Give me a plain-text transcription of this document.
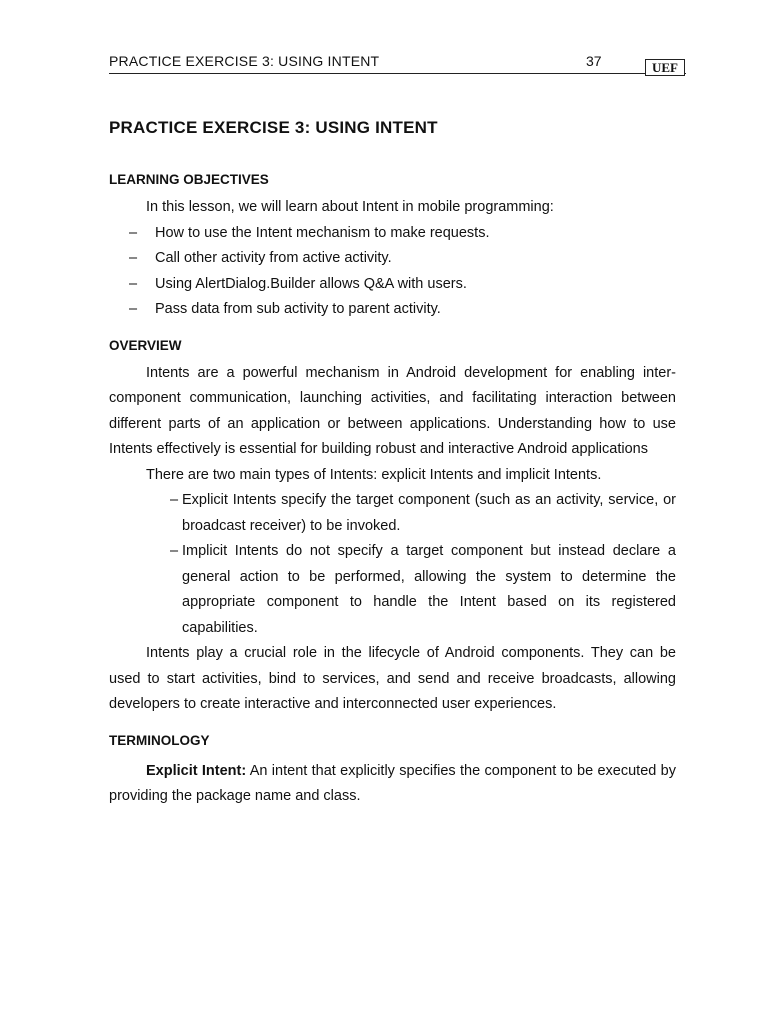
PRACTICE EXERCISE 3: USING INTENT	37	UEF
PRACTICE EXERCISE 3: USING INTENT
LEARNING OBJECTIVES

In this lesson, we will learn about Intent in mobile programming:

– How to use the Intent mechanism to make requests.
– Call other activity from active activity.
– Using AlertDialog.Builder allows Q&A with users.
– Pass data from sub activity to parent activity.
OVERVIEW

Intents are a powerful mechanism in Android development for enabling inter-component communication, launching activities, and facilitating interaction between different parts of an application or between applications. Understanding how to use Intents effectively is essential for building robust and interactive Android applications

There are two main types of Intents: explicit Intents and implicit Intents.

– Explicit Intents specify the target component (such as an activity, service, or broadcast receiver) to be invoked.
– Implicit Intents do not specify a target component but instead declare a general action to be performed, allowing the system to determine the appropriate component to handle the Intent based on its registered capabilities.

Intents play a crucial role in the lifecycle of Android components. They can be used to start activities, bind to services, and send and receive broadcasts, allowing developers to create interactive and interconnected user experiences.

TERMINOLOGY

Explicit Intent: An intent that explicitly specifies the component to be executed by providing the package name and class.
